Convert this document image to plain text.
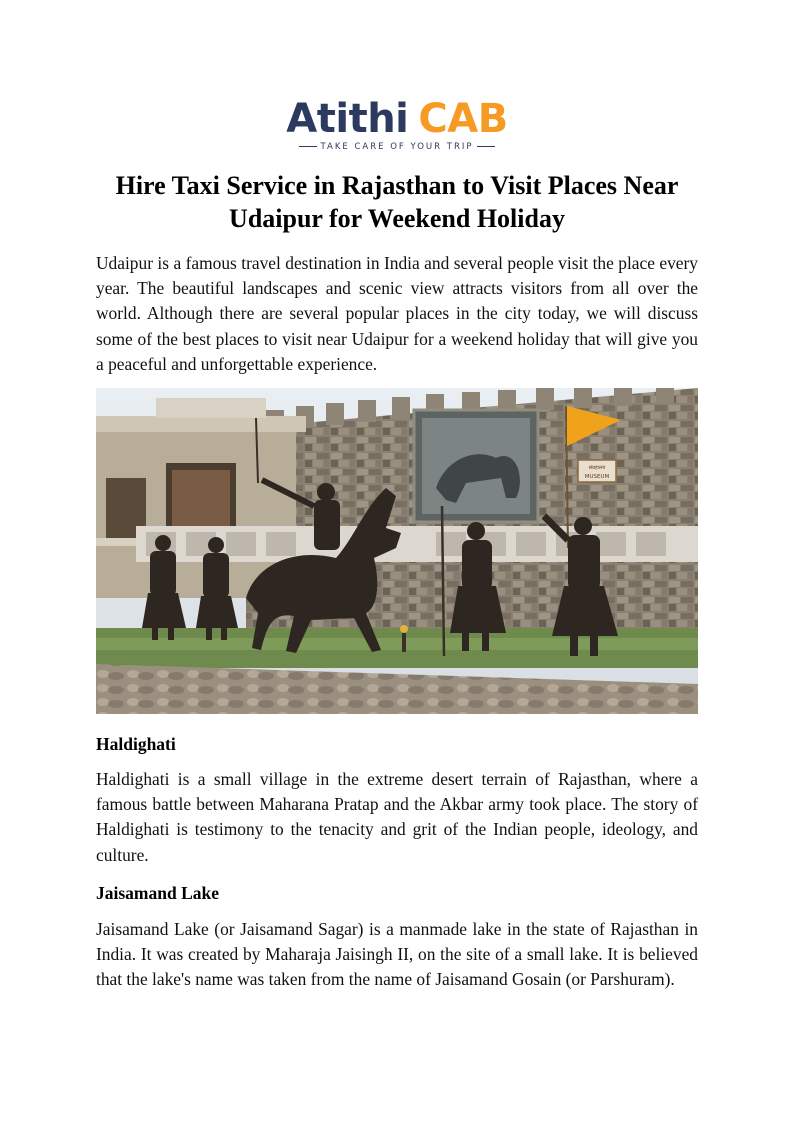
Atithi CAB
TAKE CARE OF YOUR TRIP
Hire Taxi Service in Rajasthan to Visit Places Near Udaipur for Weekend Holiday

Udaipur is a famous travel destination in India and several people visit the place every year. The beautiful landscapes and scenic view attracts visitors from all over the world. Although there are several popular places in the city today, we will discuss some of the best places to visit near Udaipur for a weekend holiday that will give you a peaceful and unforgettable experience.

संग्रहालय
MUSEUM
Haldighati

Haldighati is a small village in the extreme desert terrain of Rajasthan, where a famous battle between Maharana Pratap and the Akbar army took place. The story of Haldighati is testimony to the tenacity and grit of the Indian people, ideology, and culture.

Jaisamand Lake

Jaisamand Lake (or Jaisamand Sagar) is a manmade lake in the state of Rajasthan in India. It was created by Maharaja Jaisingh II, on the site of a small lake. It is believed that the lake's name was taken from the name of Jaisamand Gosain (or Parshuram).
